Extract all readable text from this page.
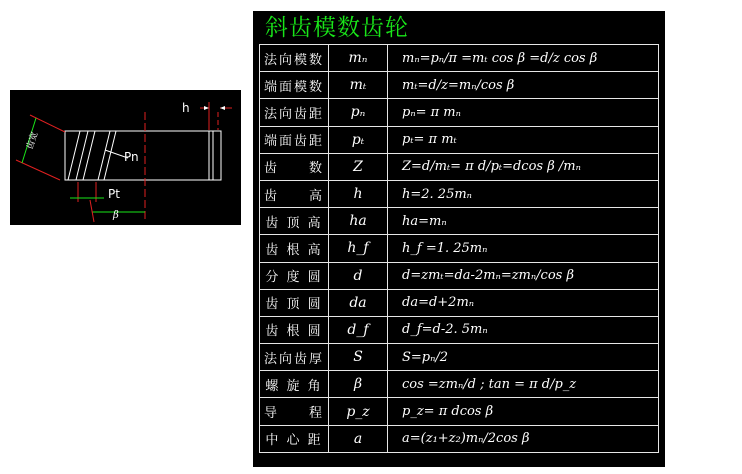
h
Pn
Pt
β
齿宽
斜齿模数齿轮
法向模数	mₙ	mₙ=pₙ/π =mₜ cos β =d/z cos β
端面模数	mₜ	mₜ=d/z=mₙ/cos β
法向齿距	pₙ	pₙ= π mₙ
端面齿距	pₜ	pₜ= π mₜ
齿　　数	Z	Z=d/mₜ= π d/pₜ=dcos β /mₙ
齿　　高	h	h=2. 25mₙ
齿 顶 高	ha	ha=mₙ
齿 根 高	h_f	h_f =1. 25mₙ
分 度 圆	d	d=zmₜ=da-2mₙ=zmₙ/cos β
齿 顶 圆	da	da=d+2mₙ
齿 根 圆	d_f	d_f=d-2. 5mₙ
法向齿厚	S	S=pₙ/2
螺 旋 角	β	cos =zmₙ/d ; tan = π d/p_z
导　　程	p_z	p_z= π dcos β
中 心 距	a	a=(z₁+z₂)mₙ/2cos β
